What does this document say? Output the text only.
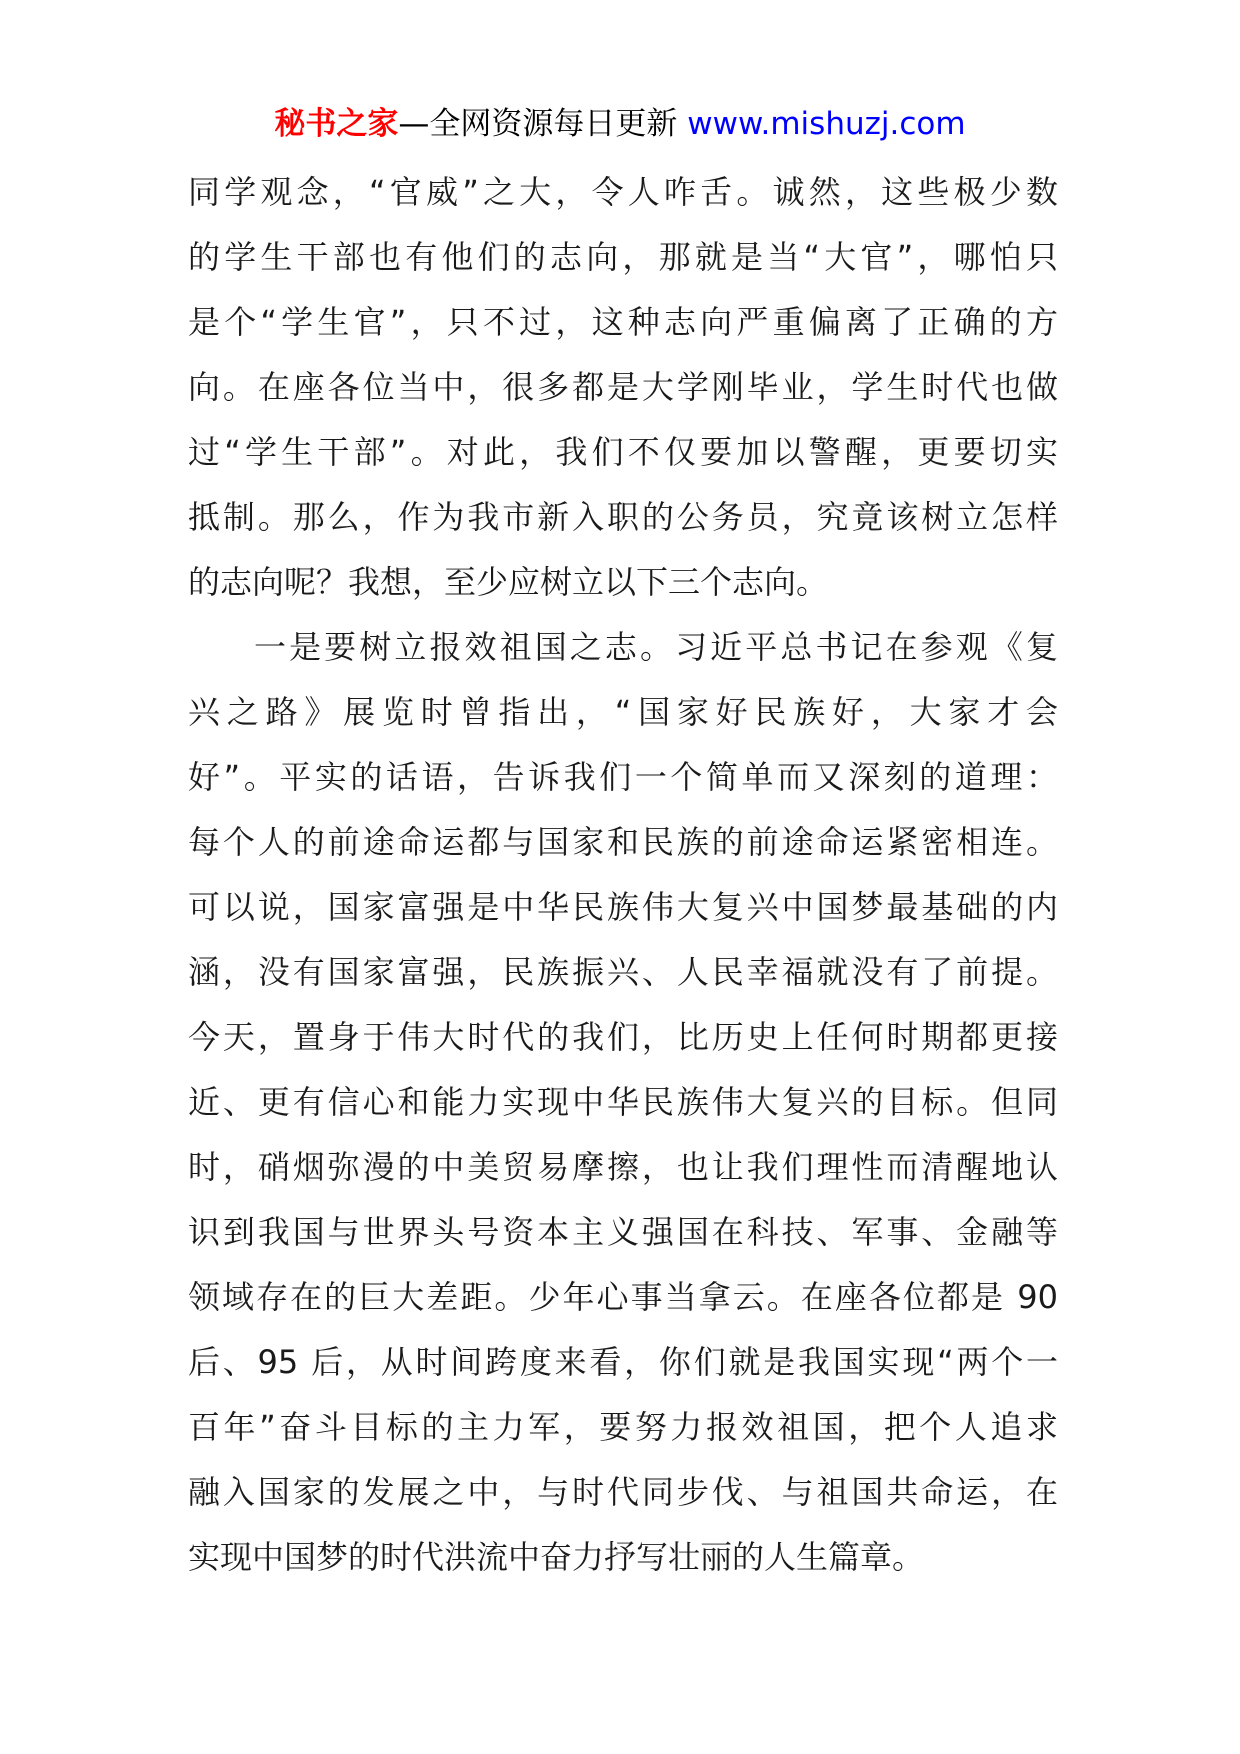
秘书之家—全网资源每日更新 www.mishuzj.com
同学观念，“官威”之大，令人咋舌。诚然，这些极少数
的学生干部也有他们的志向，那就是当“大官”，哪怕只
是个“学生官”，只不过，这种志向严重偏离了正确的方
向。在座各位当中，很多都是大学刚毕业，学生时代也做
过“学生干部”。对此，我们不仅要加以警醒，更要切实
抵制。那么，作为我市新入职的公务员，究竟该树立怎样
的志向呢？我想，至少应树立以下三个志向。
一是要树立报效祖国之志。习近平总书记在参观《复
兴之路》展览时曾指出，“国家好民族好，大家才会
好”。平实的话语，告诉我们一个简单而又深刻的道理：
每个人的前途命运都与国家和民族的前途命运紧密相连。
可以说，国家富强是中华民族伟大复兴中国梦最基础的内
涵，没有国家富强，民族振兴、人民幸福就没有了前提。
今天，置身于伟大时代的我们，比历史上任何时期都更接
近、更有信心和能力实现中华民族伟大复兴的目标。但同
时，硝烟弥漫的中美贸易摩擦，也让我们理性而清醒地认
识到我国与世界头号资本主义强国在科技、军事、金融等
领域存在的巨大差距。少年心事当拿云。在座各位都是 90
后、95 后，从时间跨度来看，你们就是我国实现“两个一
百年”奋斗目标的主力军，要努力报效祖国，把个人追求
融入国家的发展之中，与时代同步伐、与祖国共命运，在
实现中国梦的时代洪流中奋力抒写壮丽的人生篇章。
